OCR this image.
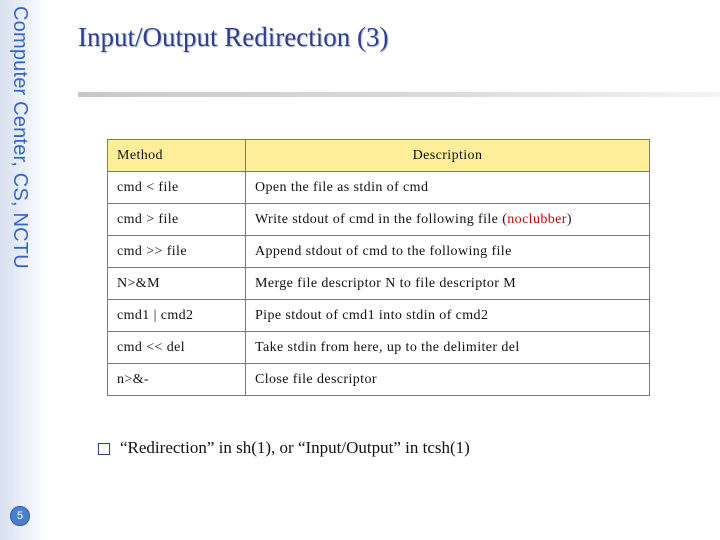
Computer Center, CS, NCTU
5
Input/Output Redirection (3)
Method	Description
cmd < file	Open the file as stdin of cmd
cmd > file	Write stdout of cmd in the following file (noclubber)
cmd >> file	Append stdout of cmd to the following file
N>&M	Merge file descriptor N to file descriptor M
cmd1 | cmd2	Pipe stdout of cmd1 into stdin of cmd2
cmd << del	Take stdin from here, up to the delimiter del
n>&-	Close file descriptor
“Redirection” in sh(1), or “Input/Output” in tcsh(1)
